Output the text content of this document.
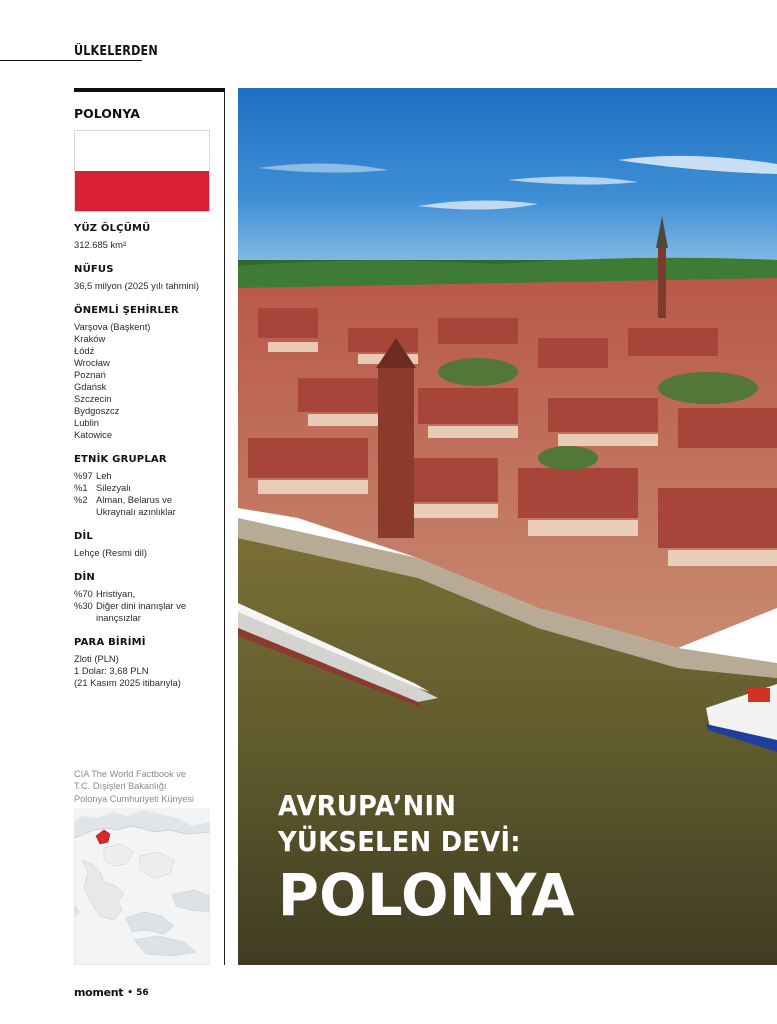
ÜLKELERDEN
POLONYA
YÜZ ÖLÇÜMÜ
312.685 km²
NÜFUS
36,5 milyon (2025 yılı tahmini)
ÖNEMLİ ŞEHİRLER
Varşova (Başkent)
Kraków
Łódź
Wrocław
Poznań
Gdańsk
Szczecin
Bydgoszcz
Lublin
Katowice
ETNİK GRUPLAR
%97 Leh
%1 Silezyalı
%2 Alman, Belarus ve
Ukraynalı azınlıklar
DİL
Lehçe (Resmi dil)
DİN
%70 Hristiyan,
%30 Diğer dini inanışlar ve
inançsızlar
PARA BİRİMİ
Zloti (PLN)
1 Dolar: 3,68 PLN
(21 Kasım 2025 itibarıyla)
CIA The World Factbook ve
T.C. Dışişleri Bakanlığı
Polonya Cumhuriyeti Künyesi	AVRUPA’NIN
YÜKSELEN DEVİ:
POLONYA
moment • 56
